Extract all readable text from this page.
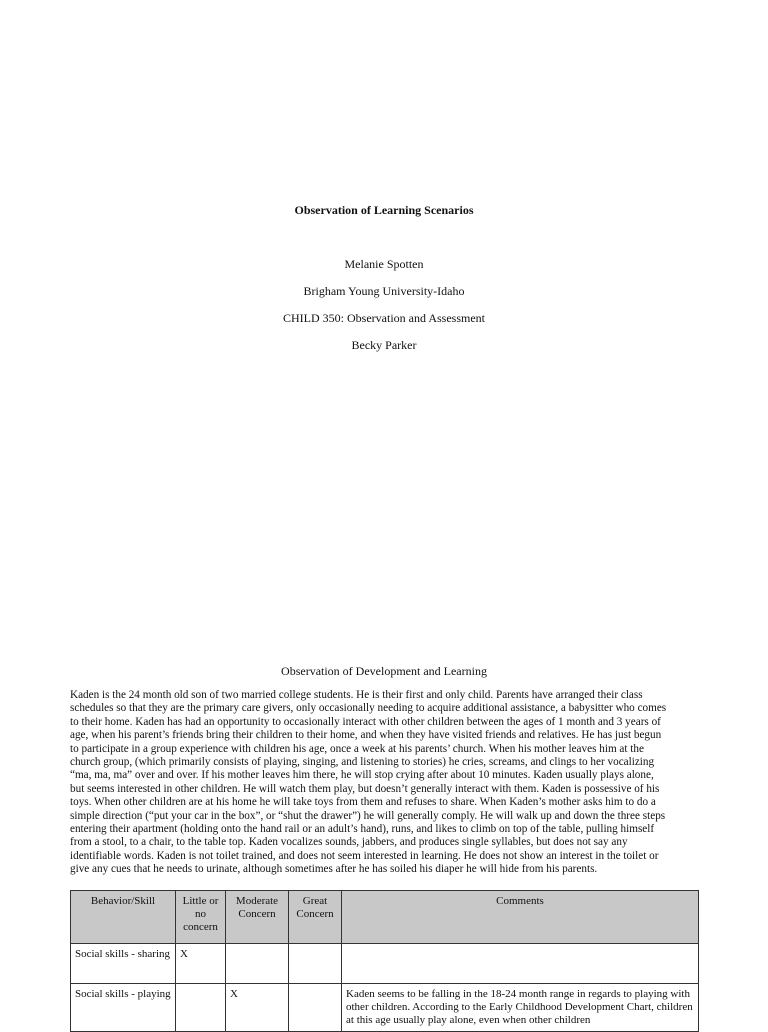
Observation of Learning Scenarios
Melanie Spotten
Brigham Young University-Idaho
CHILD 350: Observation and Assessment
Becky Parker
Observation of Development and Learning
Kaden is the 24 month old son of two married college students. He is their first and only child. Parents have arranged their class
schedules so that they are the primary care givers, only occasionally needing to acquire additional assistance, a babysitter who comes
to their home. Kaden has had an opportunity to occasionally interact with other children between the ages of 1 month and 3 years of
age, when his parent’s friends bring their children to their home, and when they have visited friends and relatives. He has just begun
to participate in a group experience with children his age, once a week at his parents’ church. When his mother leaves him at the
church group, (which primarily consists of playing, singing, and listening to stories) he cries, screams, and clings to her vocalizing
“ma, ma, ma” over and over. If his mother leaves him there, he will stop crying after about 10 minutes. Kaden usually plays alone,
but seems interested in other children. He will watch them play, but doesn’t generally interact with them. Kaden is possessive of his
toys. When other children are at his home he will take toys from them and refuses to share. When Kaden’s mother asks him to do a
simple direction (“put your car in the box”, or “shut the drawer”) he will generally comply. He will walk up and down the three steps
entering their apartment (holding onto the hand rail or an adult’s hand), runs, and likes to climb on top of the table, pulling himself
from a stool, to a chair, to the table top. Kaden vocalizes sounds, jabbers, and produces single syllables, but does not say any
identifiable words. Kaden is not toilet trained, and does not seem interested in learning. He does not show an interest in the toilet or
give any cues that he needs to urinate, although sometimes after he has soiled his diaper he will hide from his parents.
Behavior/Skill	Little or no concern	Moderate Concern	Great Concern	Comments
Social skills - sharing	X			
Social skills - playing		X		Kaden seems to be falling in the 18-24 month range in regards to playing with other children. According to the Early Childhood Development Chart, children at this age usually play alone, even when other children
